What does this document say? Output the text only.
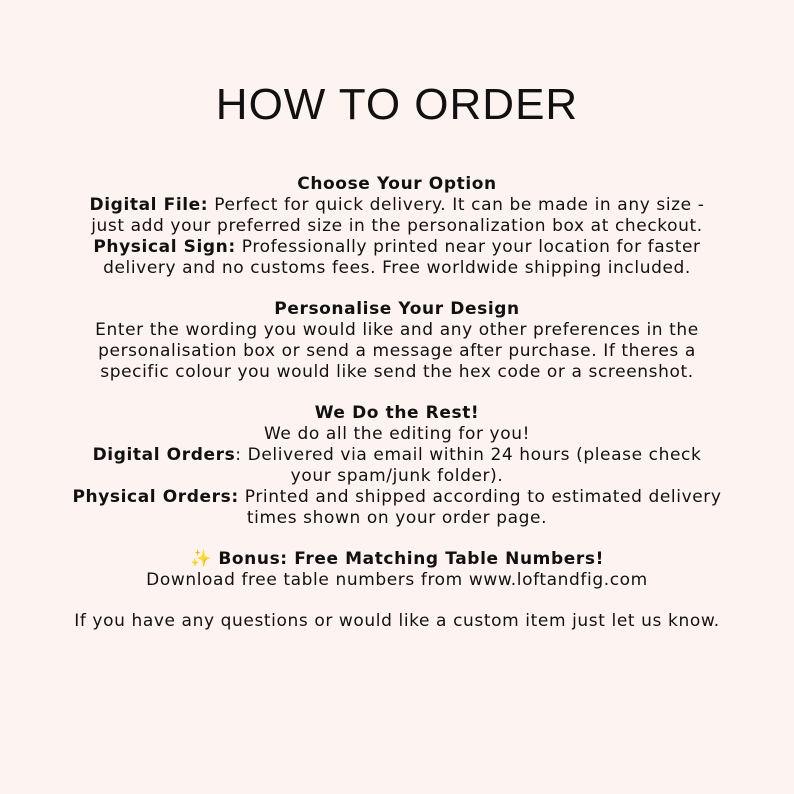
HOW TO ORDER

Choose Your Option
Digital File: Perfect for quick delivery. It can be made in any size - just add your preferred size in the personalization box at checkout.
Physical Sign: Professionally printed near your location for faster delivery and no customs fees. Free worldwide shipping included.

Personalise Your Design
Enter the wording you would like and any other preferences in the personalisation box or send a message after purchase. If theres a specific colour you would like send the hex code or a screenshot.

We Do the Rest!
We do all the editing for you!
Digital Orders: Delivered via email within 24 hours (please check your spam/junk folder).
Physical Orders: Printed and shipped according to estimated delivery times shown on your order page.

✨ Bonus: Free Matching Table Numbers!
Download free table numbers from www.loftandfig.com

If you have any questions or would like a custom item just let us know.
